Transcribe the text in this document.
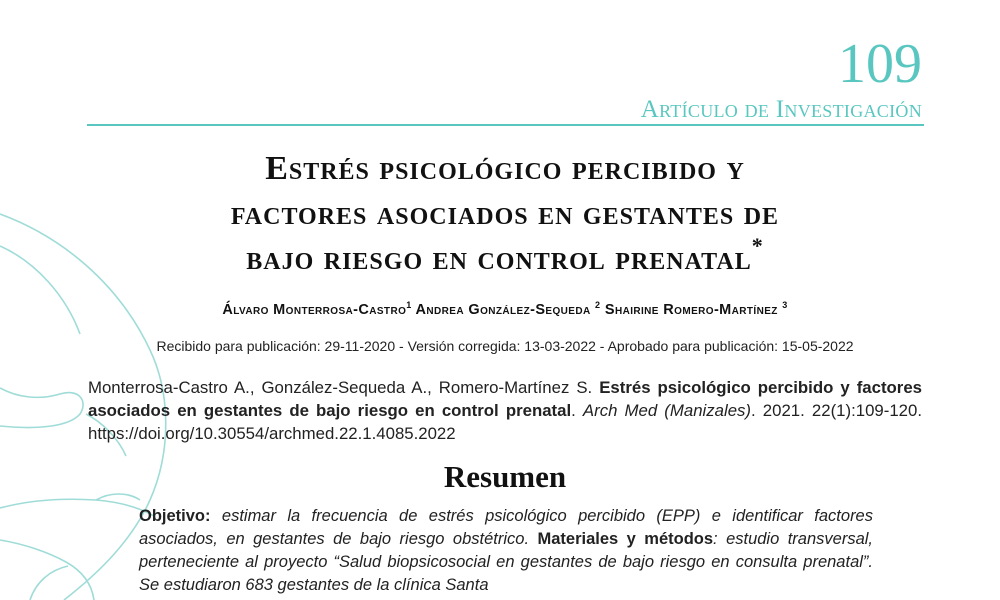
109
Artículo de Investigación
Estrés psicológico percibido y
factores asociados en gestantes de
bajo riesgo en control prenatal*
Álvaro Monterrosa-Castro$^1$ Andrea González-Sequeda $^2$ Shairine Romero-Martínez $^3$
Recibido para publicación: 29-11-2020 - Versión corregida: 13-03-2022 - Aprobado para publicación: 15-05-2022
Monterrosa-Castro A., González-Sequeda A., Romero-Martínez S. Estrés psicológico percibido y factores asociados en gestantes de bajo riesgo en control prenatal. Arch Med (Manizales). 2021. 22(1):109-120. https://doi.org/10.30554/archmed.22.1.4085.2022
Resumen
Objetivo: estimar la frecuencia de estrés psicológico percibido (EPP) e identificar factores asociados, en gestantes de bajo riesgo obstétrico. Materiales y métodos: estudio transversal, perteneciente al proyecto “Salud biopsicosocial en gestantes de bajo riesgo en consulta prenatal”. Se estudiaron 683 gestantes de la clínica Santa
